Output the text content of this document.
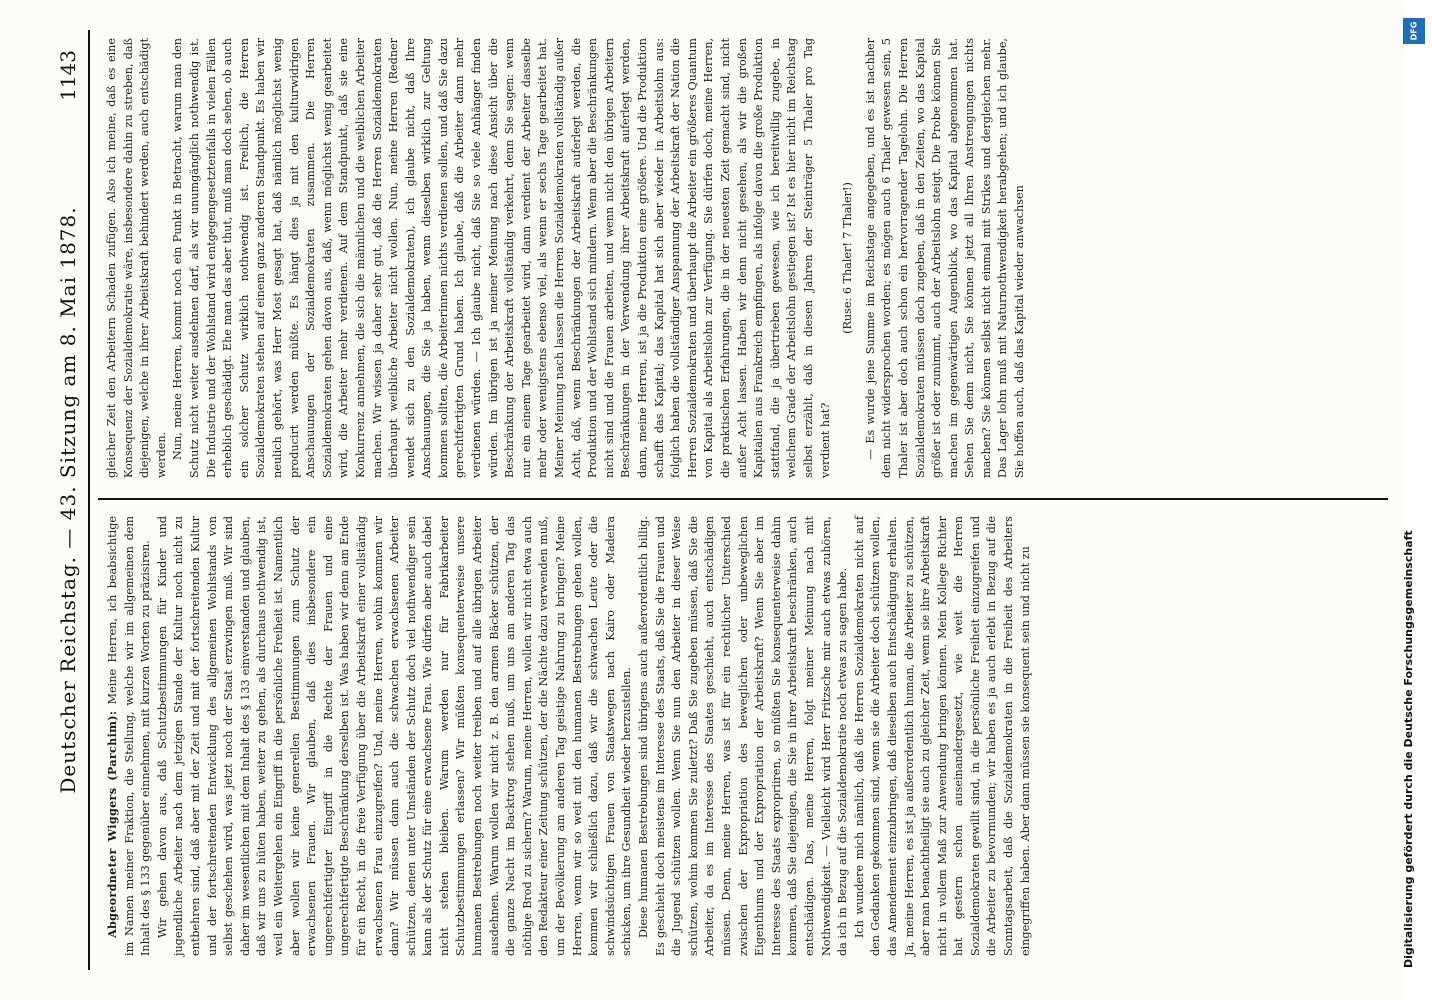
Deutscher Reichstag. — 43. Sitzung am 8. Mai 1878.
1143

Abgeordneter Wiggers (Parchim): Meine Herren, ich beabsichtige im Namen meiner Fraktion, die Stellung, welche wir im allgemeinen dem Inhalt des § 133 gegenüber einnehmen, mit kurzen Worten zu präzisiren. Wir gehen davon aus, daß Schutzbestimmungen für Kinder und jugendliche Arbeiter nach dem jetzigen Stande der Kultur noch nicht zu entbehren sind, daß aber mit der Zeit und mit der fortschreitenden Kultur und der fortschreitenden Entwicklung des allgemeinen Wohlstands von selbst geschehen wird, was jetzt noch der Staat erzwingen muß. Wir sind daher im wesentlichen mit dem Inhalt des § 133 einverstanden und glauben, daß wir uns zu hüten haben, weiter zu gehen, als durchaus nothwendig ist, weil ein Weitergehen ein Eingriff in die persönliche Freiheit ist. Namentlich aber wollen wir keine generellen Bestimmungen zum Schutz der erwachsenen Frauen. Wir glauben, daß dies insbesondere ein ungerechtfertigter Eingriff in die Rechte der Frauen und eine ungerechtfertigte Beschränkung derselben ist. Was haben wir denn am Ende für ein Recht, in die freie Verfügung über die Arbeitskraft einer vollständig erwachsenen Frau einzugreifen? Und, meine Herren, wohin kommen wir dann? Wir müssen dann auch die schwachen erwachsenen Arbeiter schützen, denen unter Umständen der Schutz doch viel nothwendiger sein kann als der Schutz für eine erwachsene Frau. Wie dürfen aber auch dabei nicht stehen bleiben. Warum werden nur für Fabrikarbeiter Schutzbestimmungen erlassen? Wir müßten konsequenterweise unsere humanen Bestrebungen noch weiter treiben und auf alle übrigen Arbeiter ausdehnen. Warum wollen wir nicht z. B. den armen Bäcker schützen, der die ganze Nacht im Backtrog stehen muß, um uns am anderen Tag das nöthige Brod zu sichern? Warum, meine Herren, wollen wir nicht etwa auch den Redakteur einer Zeitung schützen, der die Nächte dazu verwenden muß, um der Bevölkerung am anderen Tag geistige Nahrung zu bringen? Meine Herren, wenn wir so weit mit den humanen Bestrebungen gehen wollen, kommen wir schließlich dazu, daß wir die schwachen Leute oder die schwindsüchtigen Frauen von Staatswegen nach Kairo oder Madeira schicken, um ihre Gesundheit wieder herzustellen. Diese humanen Bestrebungen sind übrigens auch außerordentlich billig. Es geschieht doch meistens im Interesse des Staats, daß Sie die Frauen und die Jugend schützen wollen. Wenn Sie nun den Arbeiter in dieser Weise schützen, wohin kommen Sie zuletzt? Daß Sie zugeben müssen, daß Sie die Arbeiter, da es im Interesse des Staates geschieht, auch entschädigen müssen. Denn, meine Herren, was ist für ein rechtlicher Unterschied zwischen der Expropriation des beweglichen oder unbeweglichen Eigenthums und der Expropriation der Arbeitskraft? Wenn Sie aber im Interesse des Staats expropriiren, so müßten Sie konsequenterweise dahin kommen, daß Sie diejenigen, die Sie in ihrer Arbeitskraft beschränken, auch entschädigen. Das, meine Herren, folgt meiner Meinung nach mit Nothwendigkeit. — Vielleicht wird Herr Fritzsche mir auch etwas zuhören, da ich in Bezug auf die Sozialdemokratie noch etwas zu sagen habe. Ich wundere mich nämlich, daß die Herren Sozialdemokraten nicht auf den Gedanken gekommen sind, wenn sie die Arbeiter doch schützen wollen, das Amendement einzubringen, daß dieselben auch Entschädigung erhalten. Ja, meine Herren, es ist ja außerordentlich human, die Arbeiter zu schützen, aber man benachtheiligt sie auch zu gleicher Zeit, wenn sie ihre Arbeitskraft nicht in vollem Maß zur Anwendung bringen können. Mein Kollege Richter hat gestern schon auseinandergesetzt, wie weit die Herren Sozialdemokraten gewillt sind, in die persönliche Freiheit einzugreifen und die Arbeiter zu bevormunden; wir haben es ja auch erlebt in Bezug auf die Sonntagsarbeit, daß die Sozialdemokraten in die Freiheit des Arbeiters eingegriffen haben. Aber dann müssen sie konsequent sein und nicht zu

gleicher Zeit den Arbeitern Schaden zufügen. Also ich meine, daß es eine Konsequenz der Sozialdemokratie wäre, insbesondere dahin zu streben, daß diejenigen, welche in ihrer Arbeitskraft behindert werden, auch entschädigt werden. Nun, meine Herren, kommt noch ein Punkt in Betracht, warum man den Schutz nicht weiter ausdehnen darf, als wir unumgänglich nothwendig ist. Die Industrie und der Wohlstand wird entgegengesetztenfalls in vielen Fällen erheblich geschädigt. Ehe man das aber thut, muß man doch sehen, ob auch ein solcher Schutz wirklich nothwendig ist. Freilich, die Herren Sozialdemokraten stehen auf einem ganz anderen Standpunkt. Es haben wir neulich gehört, was Herr Most gesagt hat, daß nämlich möglichst wenig producirt werden müßte. Es hängt dies ja mit den kulturwidrigen Anschauungen der Sozialdemokraten zusammen. Die Herren Sozialdemokraten gehen davon aus, daß, wenn möglichst wenig gearbeitet wird, die Arbeiter mehr verdienen. Auf dem Standpunkt, daß sie eine Konkurrenz annehmen, die sich die männlichen und die weiblichen Arbeiter machen. Wir wissen ja daher sehr gut, daß die Herren Sozialdemokraten überhaupt weibliche Arbeiter nicht wollen. Nun, meine Herren (Redner wendet sich zu den Sozialdemokraten), ich glaube nicht, daß Ihre Anschauungen, die Sie ja haben, wenn dieselben wirklich zur Geltung kommen sollten, die Arbeiterinnen nichts verdienen sollen, und daß Sie dazu gerechtfertigten Grund haben. Ich glaube, daß die Arbeiter dann mehr verdienen würden. — Ich glaube nicht, daß Sie so viele Anhänger finden würden. Im übrigen ist ja meiner Meinung nach diese Ansicht über die Beschränkung der Arbeitskraft vollständig verkehrt, denn Sie sagen: wenn nur ein einem Tage gearbeitet wird, dann verdient der Arbeiter dasselbe mehr oder wenigstens ebenso viel, als wenn er sechs Tage gearbeitet hat. Meiner Meinung nach lassen die Herren Sozialdemokraten vollständig außer Acht, daß, wenn Beschränkungen der Arbeitskraft auferlegt werden, die Produktion und der Wohlstand sich mindern. Wenn aber die Beschränkungen nicht sind und die Frauen arbeiten, und wenn nicht den übrigen Arbeitern Beschränkungen in der Verwendung ihrer Arbeitskraft auferlegt werden, dann, meine Herren, ist ja die Produktion eine größere. Und die Produktion schafft das Kapital; das Kapital hat sich aber wieder in Arbeitslohn aus: folglich haben die vollständiger Anspannung der Arbeitskraft der Nation die Herren Sozialdemokraten und überhaupt die Arbeiter ein größeres Quantum von Kapital als Arbeitslohn zur Verfügung. Sie dürfen doch, meine Herren, die praktischen Erfahrungen, die in der neuesten Zeit gemacht sind, nicht außer Acht lassen. Haben wir denn nicht gesehen, als wir die großen Kapitalien aus Frankreich empfingen, als infolge davon die große Produktion stattfand, die ja übertrieben gewesen, wie ich bereitwillig zugebe, in welchem Grade der Arbeitslohn gestiegen ist? Ist es hier nicht im Reichstag selbst erzählt, daß in diesen Jahren der Steinträger 5 Thaler pro Tag verdient hat?

(Ruse: 6 Thaler! 7 Thaler!) — Es wurde jene Summe im Reichstage angegeben, und es ist nachher dem nicht widersprochen worden; es mögen auch 6 Thaler gewesen sein, 5 Thaler ist aber doch auch schon ein hervorragender Tagelohn. Die Herren Sozialdemokraten müssen doch zugeben, daß in den Zeiten, wo das Kapital größer ist oder zunimmt, auch der Arbeitslohn steigt. Die Probe können Sie machen im gegenwärtigen Augenblick, wo das Kapital abgenommen hat. Sehen Sie denn nicht, Sie können jetzt all Ihren Anstrengungen nichts machen? Sie können selbst nicht einmal mit Strikes und dergleichen mehr. Das Lager lohn muß mit Naturnothwendigkeit herabgehen; und ich glaube, Sie hoffen auch, daß das Kapital wieder anwachsen

DFG
Digitalisierung gefördert durch die Deutsche Forschungsgemeinschaft
